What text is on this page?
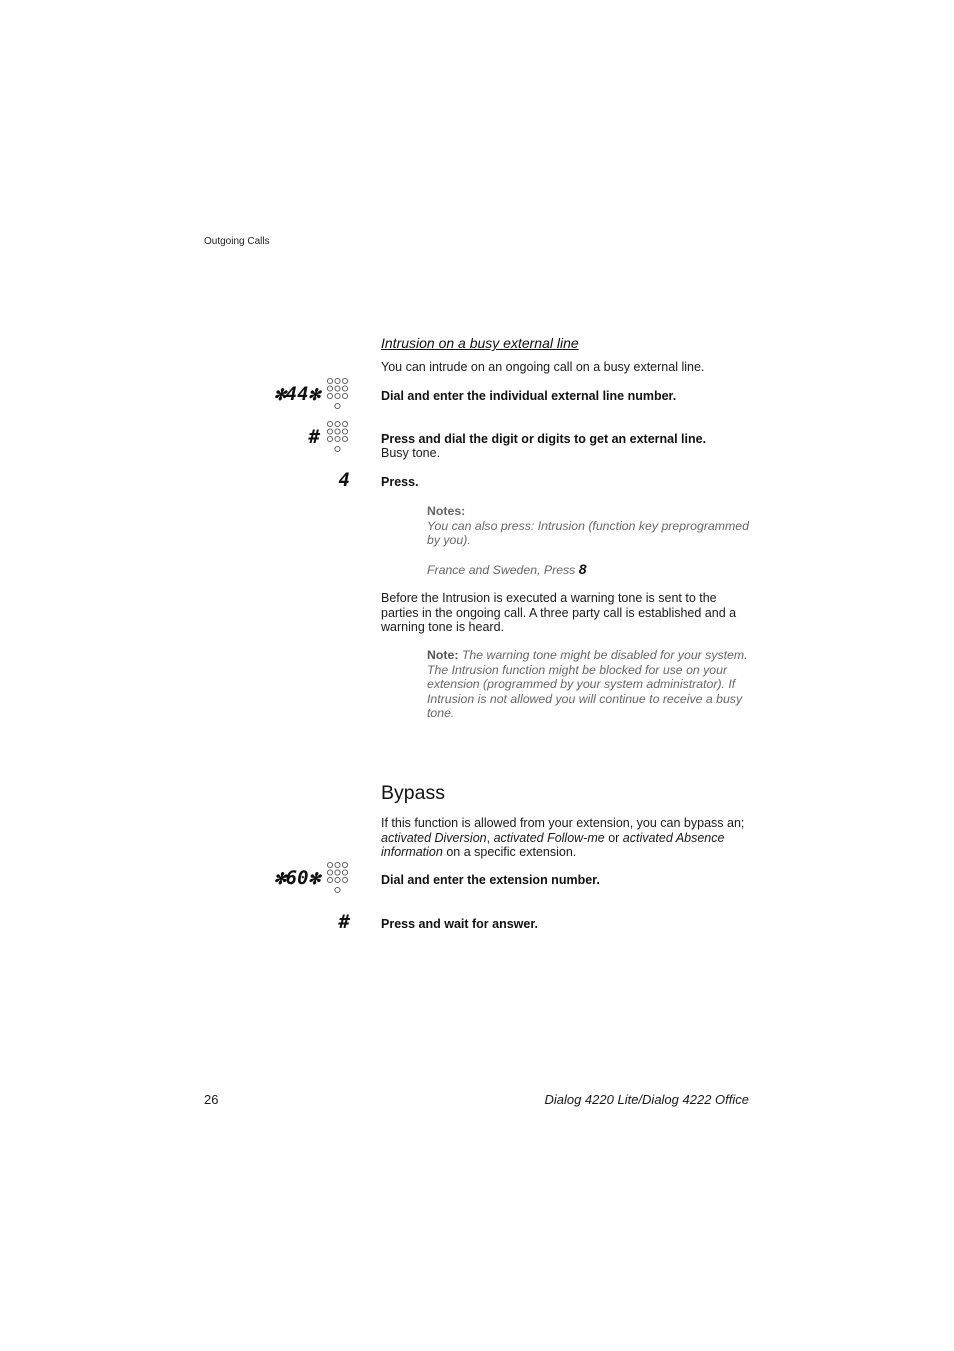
Outgoing Calls
Intrusion on a busy external line
You can intrude on an ongoing call on a busy external line.
✻44✻	Dial and enter the individual external line number.
#	Press and dial the digit or digits to get an external line.
Busy tone.
4 Press.
Notes:
You can also press: Intrusion (function key preprogrammed by you).
France and Sweden, Press 8
Before the Intrusion is executed a warning tone is sent to the parties in the ongoing call. A three party call is established and a warning tone is heard.
Note: The warning tone might be disabled for your system. The Intrusion function might be blocked for use on your extension (programmed by your system administrator). If Intrusion is not allowed you will continue to receive a busy tone.
Bypass
If this function is allowed from your extension, you can bypass an; activated Diversion, activated Follow-me or activated Absence information on a specific extension.
✻60✻	Dial and enter the extension number.
# Press and wait for answer.
26	Dialog 4220 Lite/Dialog 4222 Office
